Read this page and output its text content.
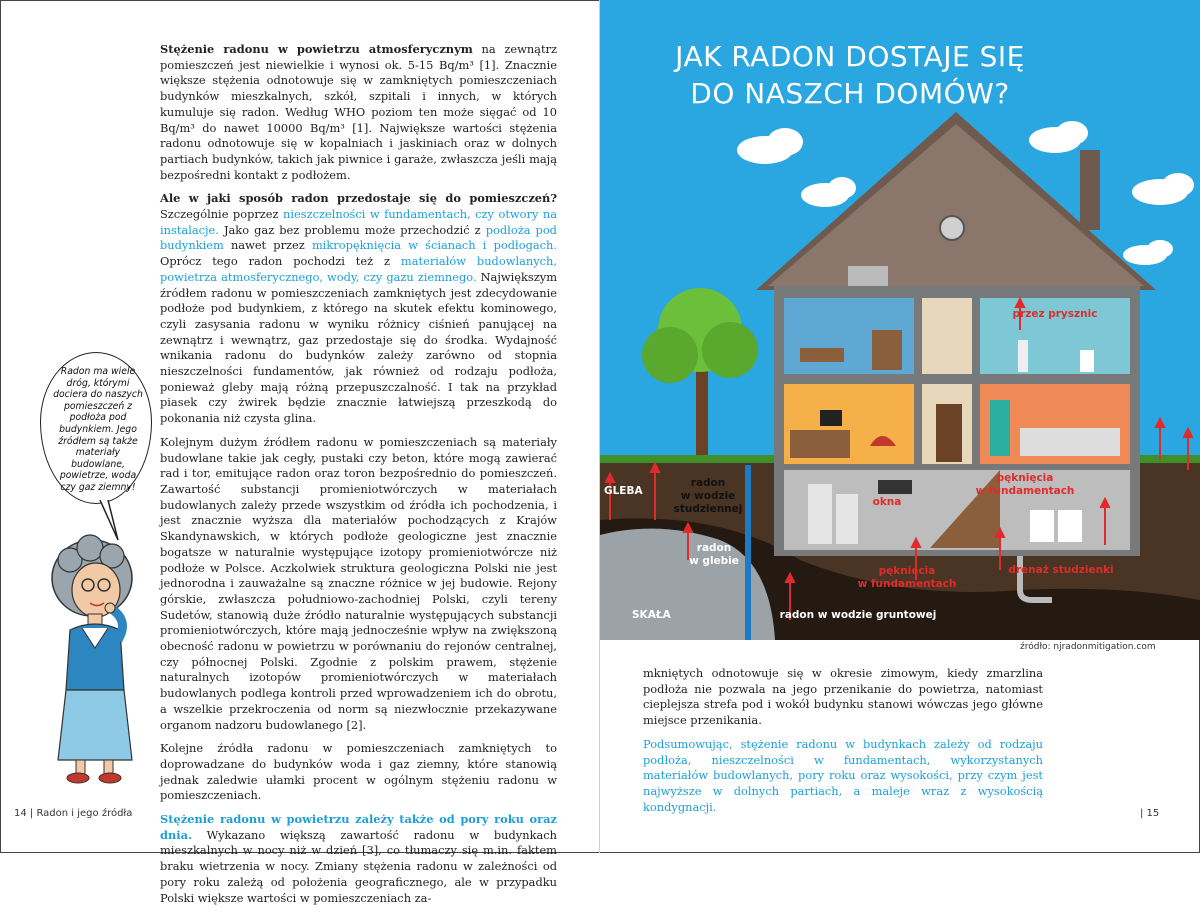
Stężenie radonu w powietrzu atmosferycznym na zewnątrz pomieszczeń jest niewielkie i wynosi ok. 5-15 Bq/m³ [1]. Znacznie większe stężenia odnotowuje się w zamkniętych pomieszczeniach budynków mieszkalnych, szkół, szpitali i innych, w których kumuluje się radon. Według WHO poziom ten może sięgać od 10 Bq/m³ do nawet 10000 Bq/m³ [1]. Największe wartości stężenia radonu odnotowuje się w kopalniach i jaskiniach oraz w dolnych partiach budynków, takich jak piwnice i garaże, zwłaszcza jeśli mają bezpośredni kontakt z podłożem.

Ale w jaki sposób radon przedostaje się do pomieszczeń? Szczególnie poprzez nieszczelności w fundamentach, czy otwory na instalacje. Jako gaz bez problemu może przechodzić z podłoża pod budynkiem nawet przez mikropęknięcia w ścianach i podłogach. Oprócz tego radon pochodzi też z materiałów budowlanych, powietrza atmosferycznego, wody, czy gazu ziemnego. Największym źródłem radonu w pomieszczeniach zamkniętych jest zdecydowanie podłoże pod budynkiem, z którego na skutek efektu kominowego, czyli zasysania radonu w wyniku różnicy ciśnień panującej na zewnątrz i wewnątrz, gaz przedostaje się do środka. Wydajność wnikania radonu do budynków zależy zarówno od stopnia nieszczelności fundamentów, jak również od rodzaju podłoża, ponieważ gleby mają różną przepuszczalność. I tak na przykład piasek czy żwirek będzie znacznie łatwiejszą przeszkodą do pokonania niż czysta glina.

Kolejnym dużym źródłem radonu w pomieszczeniach są materiały budowlane takie jak cegły, pustaki czy beton, które mogą zawierać rad i tor, emitujące radon oraz toron bezpośrednio do pomieszczeń. Zawartość substancji promieniotwórczych w materiałach budowlanych zależy przede wszystkim od źródła ich pochodzenia, i jest znacznie wyższa dla materiałów pochodzących z Krajów Skandynawskich, w których podłoże geologiczne jest znacznie bogatsze w naturalnie występujące izotopy promieniotwórcze niż podłoże w Polsce. Aczkolwiek struktura geologiczna Polski nie jest jednorodna i zauważalne są znaczne różnice w jej budowie. Rejony górskie, zwłaszcza południowo-zachodniej Polski, czyli tereny Sudetów, stanowią duże źródło naturalnie występujących substancji promieniotwórczych, które mają jednocześnie wpływ na zwiększoną obecność radonu w powietrzu w porównaniu do rejonów centralnej, czy północnej Polski. Zgodnie z polskim prawem, stężenie naturalnych izotopów promieniotwórczych w materiałach budowlanych podlega kontroli przed wprowadzeniem ich do obrotu, a wszelkie przekroczenia od norm są niezwłocznie przekazywane organom nadzoru budowlanego [2].

Kolejne źródła radonu w pomieszczeniach zamkniętych to doprowadzane do budynków woda i gaz ziemny, które stanowią jednak zaledwie ułamki procent w ogólnym stężeniu radonu w pomieszczeniach.

Stężenie radonu w powietrzu zależy także od pory roku oraz dnia. Wykazano większą zawartość radonu w budynkach mieszkalnych w nocy niż w dzień [3], co tłumaczy się m.in. faktem braku wietrzenia w nocy. Zmiany stężenia radonu w zależności od pory roku zależą od położenia geograficznego, ale w przypadku Polski większe wartości w pomieszczeniach za-

Radon ma wiele dróg, którymi dociera do naszych pomieszczeń z podłoża pod budynkiem. Jego źródłem są także materiały budowlane, powietrze, woda czy gaz ziemny!
JAK RADON DOSTAJE SIĘ
DO NASZCH DOMÓW?
przez prysznic
GLEBA
radon
w wodzie
studziennej
okna
pęknięcia
w fundamentach
radon
w glebie
pęknięcia
w fundamentach
drenaż studzienki
SKAŁA	radon w wodzie gruntowej
źródło: njradonmitigation.com

mkniętych odnotowuje się w okresie zimowym, kiedy zmarzlina podłoża nie pozwala na jego przenikanie do powietrza, natomiast cieplejsza strefa pod i wokół budynku stanowi wówczas jego główne miejsce przenikania.

Podsumowując, stężenie radonu w budynkach zależy od rodzaju podłoża, nieszczelności w fundamentach, wykorzystanych materiałów budowlanych, pory roku oraz wysokości, przy czym jest najwyższe w dolnych partiach, a maleje wraz z wysokością kondygnacji.

14 | Radon i jego źródła	| 15
